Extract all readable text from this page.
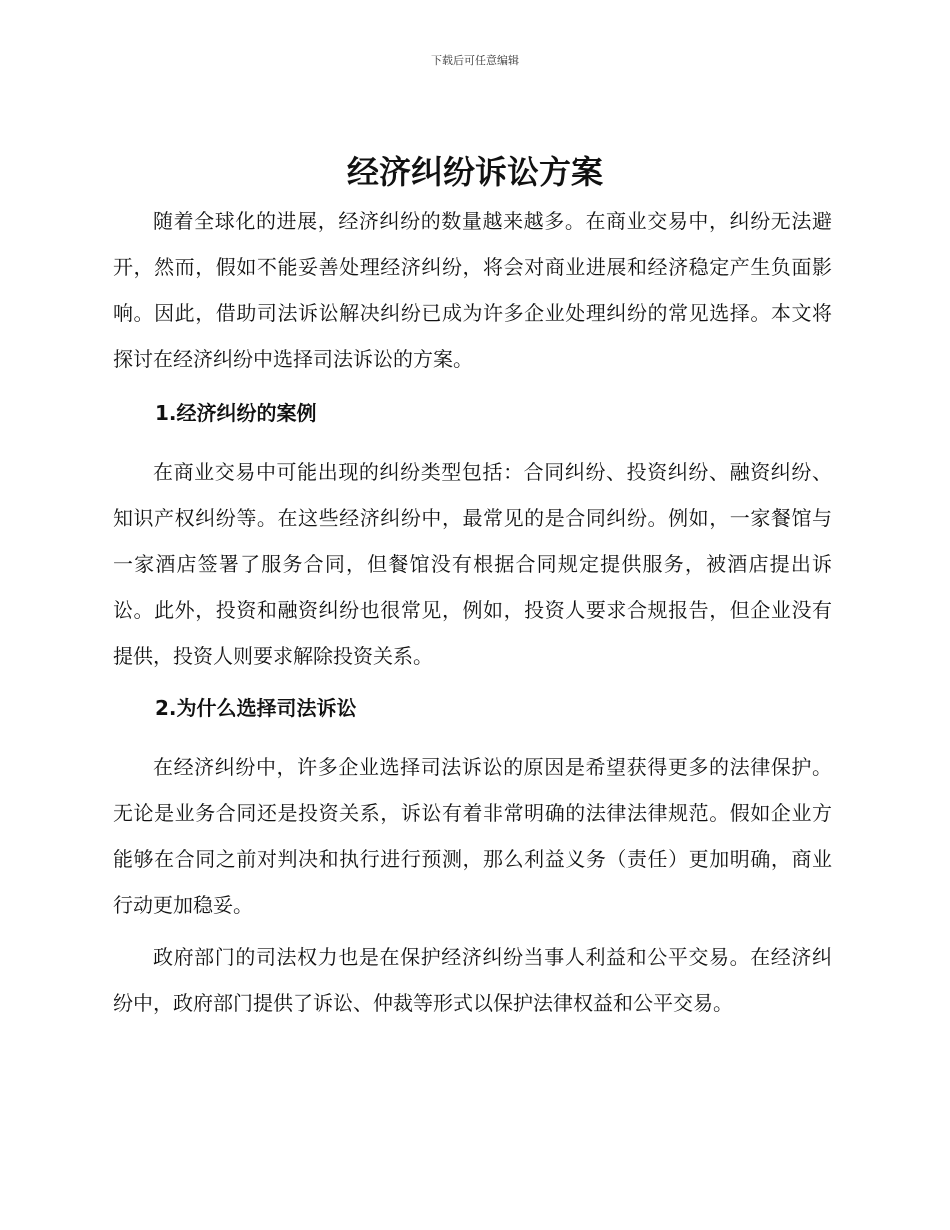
下载后可任意编辑
经济纠纷诉讼方案

随着全球化的进展，经济纠纷的数量越来越多。在商业交易中，纠纷无法避开，然而，假如不能妥善处理经济纠纷，将会对商业进展和经济稳定产生负面影响。因此，借助司法诉讼解决纠纷已成为许多企业处理纠纷的常见选择。本文将探讨在经济纠纷中选择司法诉讼的方案。

1.经济纠纷的案例

在商业交易中可能出现的纠纷类型包括：合同纠纷、投资纠纷、融资纠纷、知识产权纠纷等。在这些经济纠纷中，最常见的是合同纠纷。例如，一家餐馆与一家酒店签署了服务合同，但餐馆没有根据合同规定提供服务，被酒店提出诉讼。此外，投资和融资纠纷也很常见，例如，投资人要求合规报告，但企业没有提供，投资人则要求解除投资关系。

2.为什么选择司法诉讼

在经济纠纷中，许多企业选择司法诉讼的原因是希望获得更多的法律保护。无论是业务合同还是投资关系，诉讼有着非常明确的法律法律规范。假如企业方能够在合同之前对判决和执行进行预测，那么利益义务（责任）更加明确，商业行动更加稳妥。

政府部门的司法权力也是在保护经济纠纷当事人利益和公平交易。在经济纠纷中，政府部门提供了诉讼、仲裁等形式以保护法律权益和公平交易。
